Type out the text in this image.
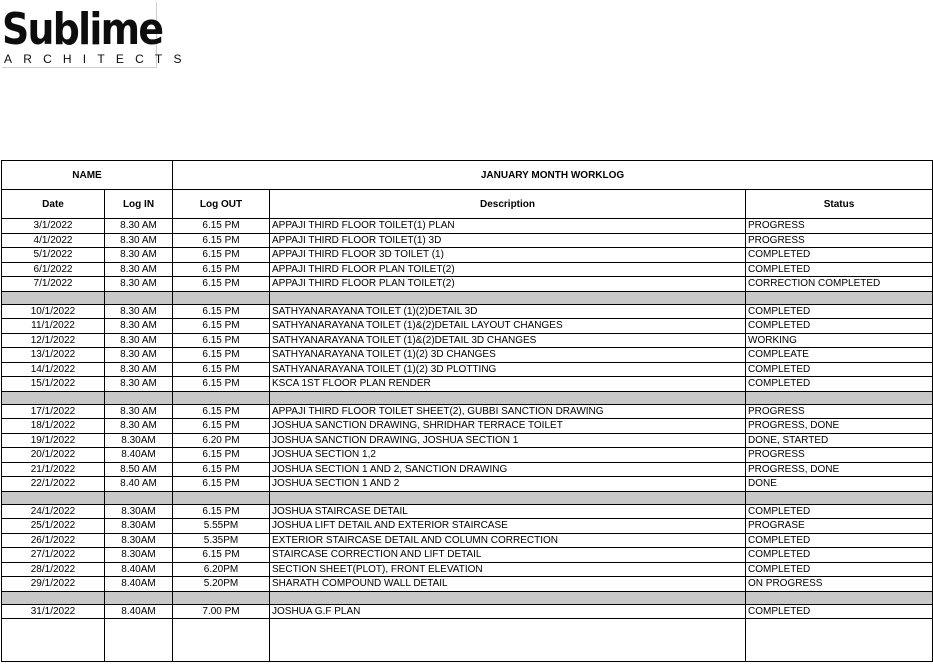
Sublime
ARCHITECTS
NAME		JANUARY MONTH WORKLOG		
Date	Log IN	Log OUT	Description	Status
3/1/2022	8.30 AM	6.15 PM	APPAJI THIRD FLOOR TOILET(1) PLAN	PROGRESS
4/1/2022	8.30 AM	6.15 PM	APPAJI THIRD FLOOR TOILET(1) 3D	PROGRESS
5/1/2022	8.30 AM	6.15 PM	APPAJI THIRD FLOOR 3D TOILET (1)	COMPLETED
6/1/2022	8.30 AM	6.15 PM	APPAJI THIRD FLOOR PLAN TOILET(2)	COMPLETED
7/1/2022	8.30 AM	6.15 PM	APPAJI THIRD FLOOR PLAN TOILET(2)	CORRECTION COMPLETED

10/1/2022	8.30 AM	6.15 PM	SATHYANARAYANA TOILET (1)(2)DETAIL 3D	COMPLETED
11/1/2022	8.30 AM	6.15 PM	SATHYANARAYANA TOILET (1)&(2)DETAIL LAYOUT CHANGES	COMPLETED
12/1/2022	8.30 AM	6.15 PM	SATHYANARAYANA TOILET (1)&(2)DETAIL 3D CHANGES	WORKING
13/1/2022	8.30 AM	6.15 PM	SATHYANARAYANA TOILET (1)(2) 3D CHANGES	COMPLEATE
14/1/2022	8.30 AM	6.15 PM	SATHYANARAYANA TOILET (1)(2) 3D PLOTTING	COMPLETED
15/1/2022	8.30 AM	6.15 PM	KSCA 1ST FLOOR PLAN RENDER	COMPLETED

17/1/2022	8.30 AM	6.15 PM	APPAJI THIRD FLOOR TOILET SHEET(2), GUBBI SANCTION DRAWING	PROGRESS
18/1/2022	8.30 AM	6.15 PM	JOSHUA SANCTION DRAWING, SHRIDHAR TERRACE TOILET	PROGRESS, DONE
19/1/2022	8.30AM	6.20 PM	JOSHUA SANCTION DRAWING, JOSHUA SECTION 1	DONE, STARTED
20/1/2022	8.40AM	6.15 PM	JOSHUA SECTION 1,2	PROGRESS
21/1/2022	8.50 AM	6.15 PM	JOSHUA SECTION 1 AND 2, SANCTION DRAWING	PROGRESS, DONE
22/1/2022	8.40 AM	6.15 PM	JOSHUA SECTION 1 AND 2	DONE

24/1/2022	8.30AM	6.15 PM	JOSHUA STAIRCASE DETAIL	COMPLETED
25/1/2022	8.30AM	5.55PM	JOSHUA LIFT DETAIL AND EXTERIOR STAIRCASE	PROGRASE
26/1/2022	8.30AM	5.35PM	EXTERIOR STAIRCASE DETAIL AND COLUMN CORRECTION	COMPLETED
27/1/2022	8.30AM	6.15 PM	STAIRCASE CORRECTION AND LIFT DETAIL	COMPLETED
28/1/2022	8.40AM	6.20PM	SECTION SHEET(PLOT), FRONT ELEVATION	COMPLETED
29/1/2022	8.40AM	5.20PM	SHARATH COMPOUND WALL DETAIL	ON PROGRESS

31/1/2022	8.40AM	7.00 PM	JOSHUA G.F PLAN	COMPLETED
